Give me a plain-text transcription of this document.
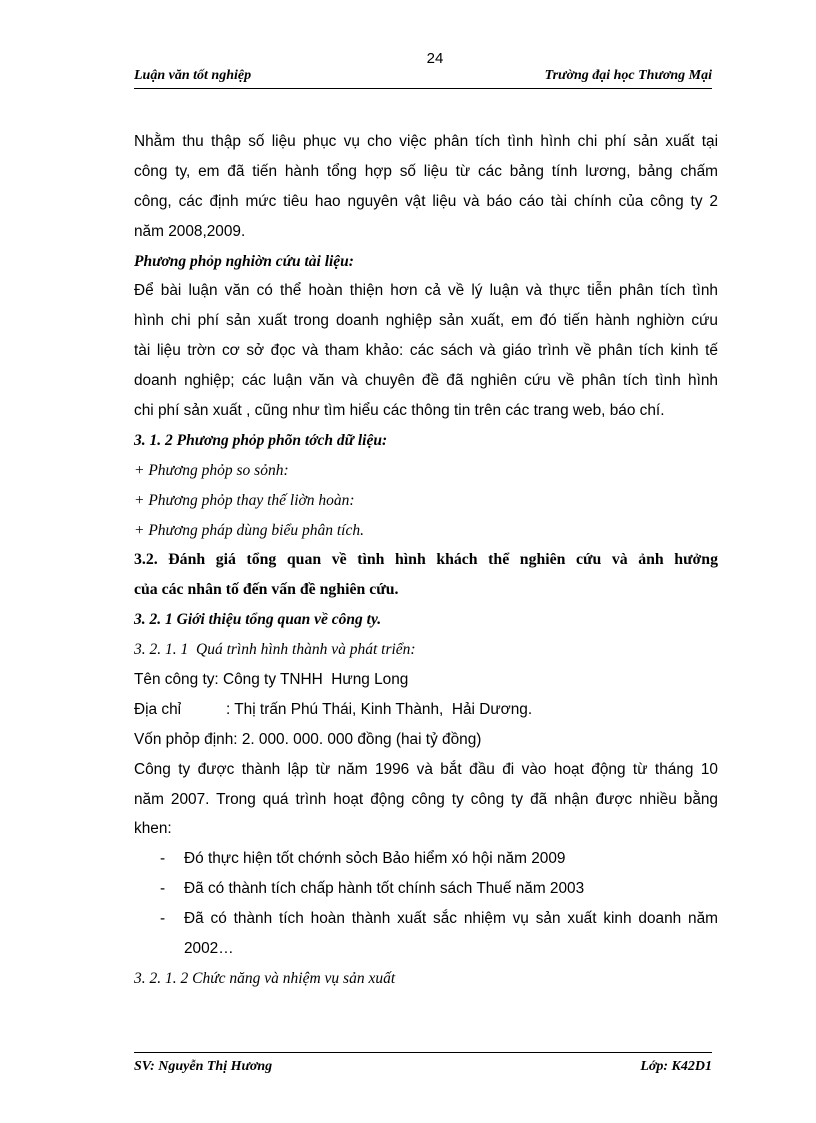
24
Luận văn tốt nghiệp	Trường đại học Thương Mại
Nhằm thu thập số liệu phục vụ cho việc phân tích tình hình chi phí sản xuất tại
công ty, em đã tiến hành tổng hợp số liệu từ các bảng tính lương, bảng chấm
công, các định mức tiêu hao nguyên vật liệu và báo cáo tài chính của công ty 2
năm 2008,2009.
Phương phỏp nghiờn cứu tài liệu:
Để bài luận văn có thể hoàn thiện hơn cả về lý luận và thực tiễn phân tích tình
hình chi phí sản xuất trong doanh nghiệp sản xuất, em đó tiến hành nghiờn cứu
tài liệu trờn cơ sở đọc và tham khảo: các sách và giáo trình về phân tích kinh tế
doanh nghiệp; các luận văn và chuyên đề đã nghiên cứu về phân tích tình hình
chi phí sản xuất , cũng như tìm hiểu các thông tin trên các trang web, báo chí.
3. 1. 2 Phương phỏp phõn tớch dữ liệu:
+ Phương phỏp so sỏnh:
+ Phương phỏp thay thế liờn hoàn:
+ Phương pháp dùng biểu phân tích.
3.2. Đánh giá tổng quan về tình hình khách thể nghiên cứu và ảnh hưởng
của các nhân tố đến vấn đề nghiên cứu.
3. 2. 1 Giới thiệu tổng quan về công ty.
3. 2. 1. 1  Quá trình hình thành và phát triển:
Tên công ty: Công ty TNHH  Hưng Long
Địa chỉ	: Thị trấn Phú Thái, Kinh Thành,  Hải Dương.
Vốn phỏp định: 2. 000. 000. 000 đồng (hai tỷ đồng)
Công ty được thành lập từ năm 1996 và bắt đầu đi vào hoạt động từ tháng 10
năm 2007. Trong quá trình hoạt động công ty công ty đã nhận được nhiều bằng
khen:
- Đó thực hiện tốt chớnh sỏch Bảo hiểm xó hội năm 2009
- Đã có thành tích chấp hành tốt chính sách Thuế năm 2003
- Đã có thành tích hoàn thành xuất sắc nhiệm vụ sản xuất kinh doanh năm
2002…
3. 2. 1. 2 Chức năng và nhiệm vụ sản xuất
SV: Nguyễn Thị Hương	Lớp: K42D1
